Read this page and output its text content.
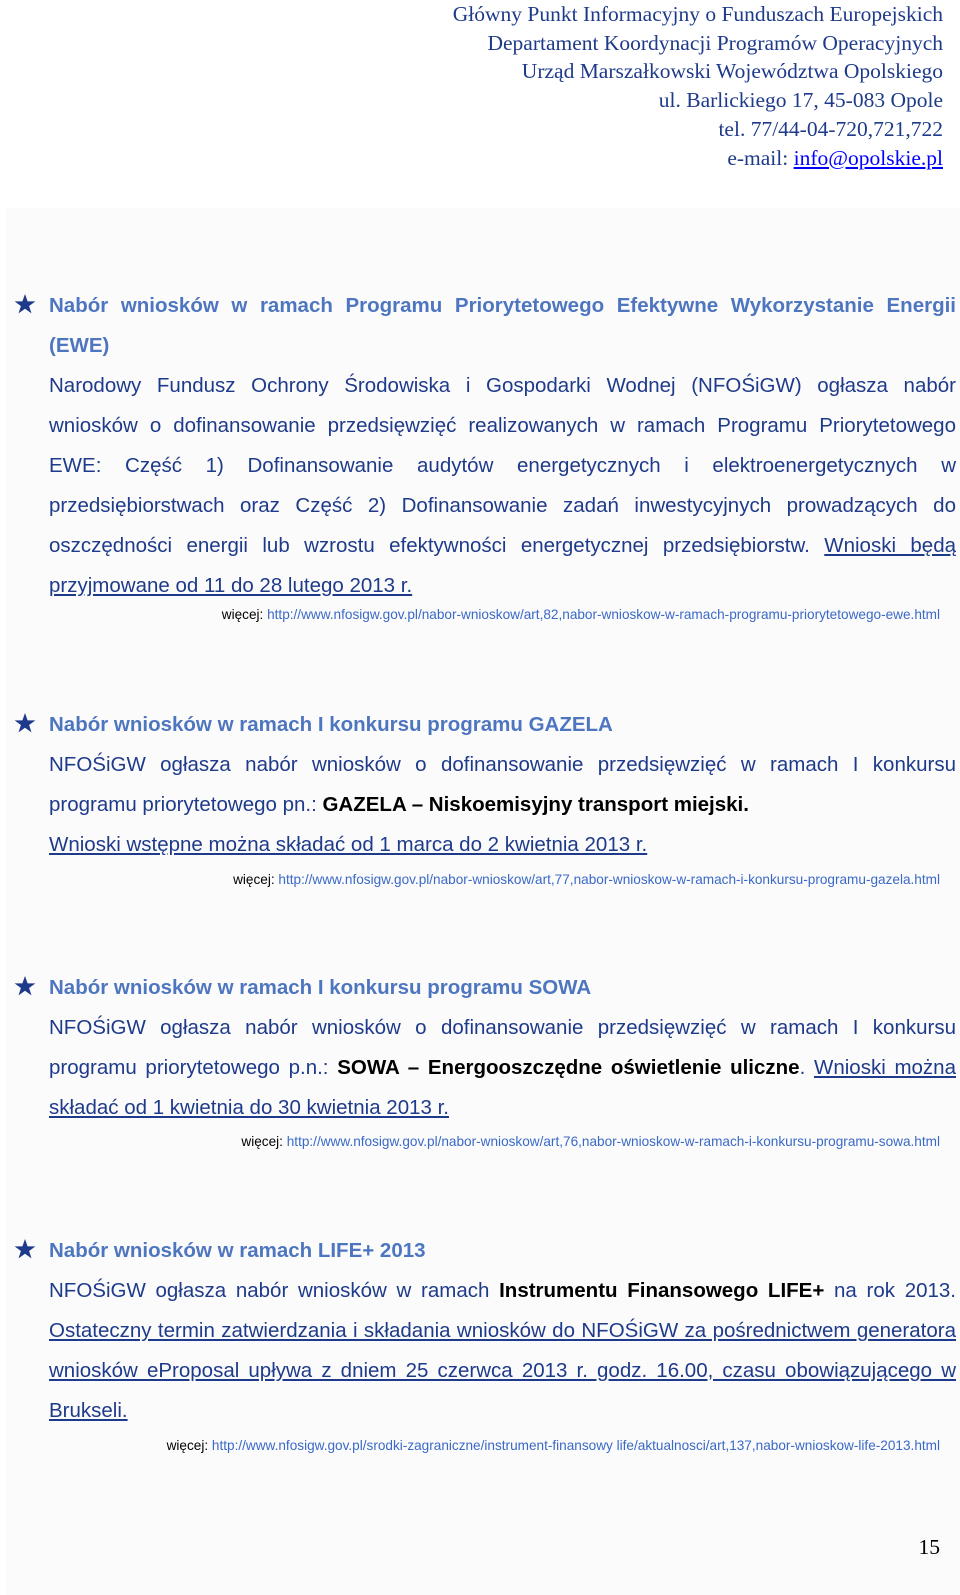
Główny Punkt Informacyjny o Funduszach Europejskich
Departament Koordynacji Programów Operacyjnych
Urząd Marszałkowski Województwa Opolskiego
ul. Barlickiego 17, 45-083 Opole
tel. 77/44-04-720,721,722
e-mail: info@opolskie.pl
Nabór wniosków w ramach Programu Priorytetowego Efektywne Wykorzystanie Energii (EWE)
Narodowy Fundusz Ochrony Środowiska i Gospodarki Wodnej (NFOŚiGW) ogłasza nabór wniosków o dofinansowanie przedsięwzięć realizowanych w ramach Programu Priorytetowego EWE: Część 1) Dofinansowanie audytów energetycznych i elektroenergetycznych w przedsiębiorstwach oraz Część 2) Dofinansowanie zadań inwestycyjnych prowadzących do oszczędności energii lub wzrostu efektywności energetycznej przedsiębiorstw. Wnioski będą przyjmowane od 11 do 28 lutego 2013 r.
więcej: http://www.nfosigw.gov.pl/nabor-wnioskow/art,82,nabor-wnioskow-w-ramach-programu-priorytetowego-ewe.html
Nabór wniosków w ramach I konkursu programu GAZELA
NFOŚiGW ogłasza nabór wniosków o dofinansowanie przedsięwzięć w ramach I konkursu programu priorytetowego pn.: GAZELA – Niskoemisyjny transport miejski.
Wnioski wstępne można składać od 1 marca do 2 kwietnia 2013 r.
więcej: http://www.nfosigw.gov.pl/nabor-wnioskow/art,77,nabor-wnioskow-w-ramach-i-konkursu-programu-gazela.html
Nabór wniosków w ramach I konkursu programu SOWA
NFOŚiGW ogłasza nabór wniosków o dofinansowanie przedsięwzięć w ramach I konkursu programu priorytetowego p.n.: SOWA – Energooszczędne oświetlenie uliczne. Wnioski można składać od 1 kwietnia do 30 kwietnia 2013 r.
więcej: http://www.nfosigw.gov.pl/nabor-wnioskow/art,76,nabor-wnioskow-w-ramach-i-konkursu-programu-sowa.html
Nabór wniosków w ramach LIFE+ 2013
NFOŚiGW ogłasza nabór wniosków w ramach Instrumentu Finansowego LIFE+ na rok 2013. Ostateczny termin zatwierdzania i składania wniosków do NFOŚiGW za pośrednictwem generatora wniosków eProposal upływa z dniem 25 czerwca 2013 r. godz. 16.00, czasu obowiązującego w Brukseli.
więcej: http://www.nfosigw.gov.pl/srodki-zagraniczne/instrument-finansowy life/aktualnosci/art,137,nabor-wnioskow-life-2013.html
15
